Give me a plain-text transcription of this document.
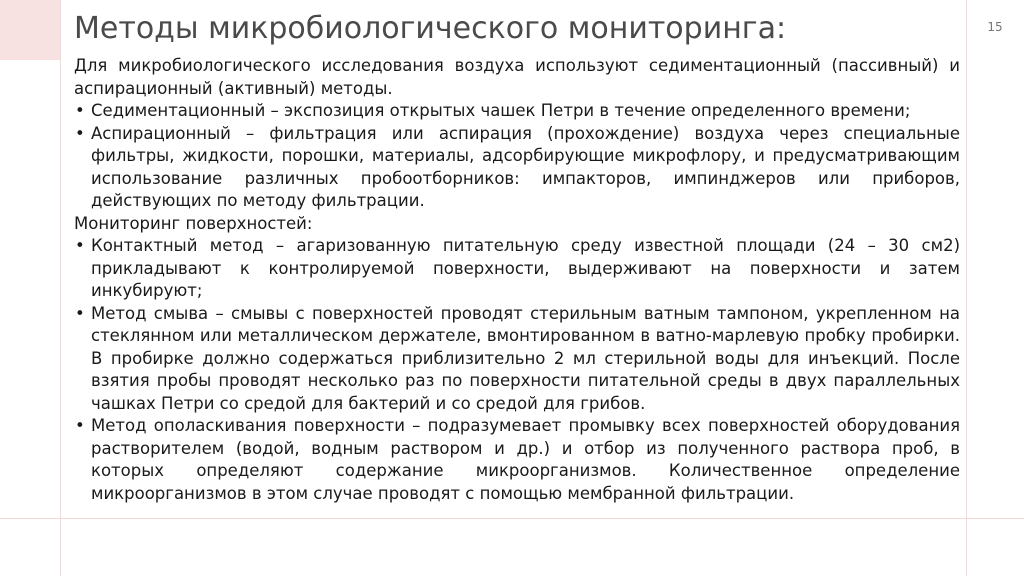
Методы микробиологического мониторинга:	15

Для микробиологического исследования воздуха используют седиментационный (пассивный) и аспирационный (активный) методы.

• Седиментационный – экспозиция открытых чашек Петри в течение определенного времени;
• Аспирационный – фильтрация или аспирация (прохождение) воздуха через специальные фильтры, жидкости, порошки, материалы, адсорбирующие микрофлору, и предусматривающим использование различных пробоотборников: импакторов, импинджеров или приборов, действующих по методу фильтрации.

Мониторинг поверхностей:

• Контактный метод – агаризованную питательную среду известной площади (24 – 30 см2) прикладывают к контролируемой поверхности, выдерживают на поверхности и затем инкубируют;
• Метод смыва – смывы с поверхностей проводят стерильным ватным тампоном, укрепленном на стеклянном или металлическом держателе, вмонтированном в ватно-марлевую пробку пробирки. В пробирке должно содержаться приблизительно 2 мл стерильной воды для инъекций. После взятия пробы проводят несколько раз по поверхности питательной среды в двух параллельных чашках Петри со средой для бактерий и со средой для грибов.
• Метод ополаскивания поверхности – подразумевает промывку всех поверхностей оборудования растворителем (водой, водным раствором и др.) и отбор из полученного раствора проб, в которых определяют содержание микроорганизмов. Количественное определение микроорганизмов в этом случае проводят с помощью мембранной фильтрации.
